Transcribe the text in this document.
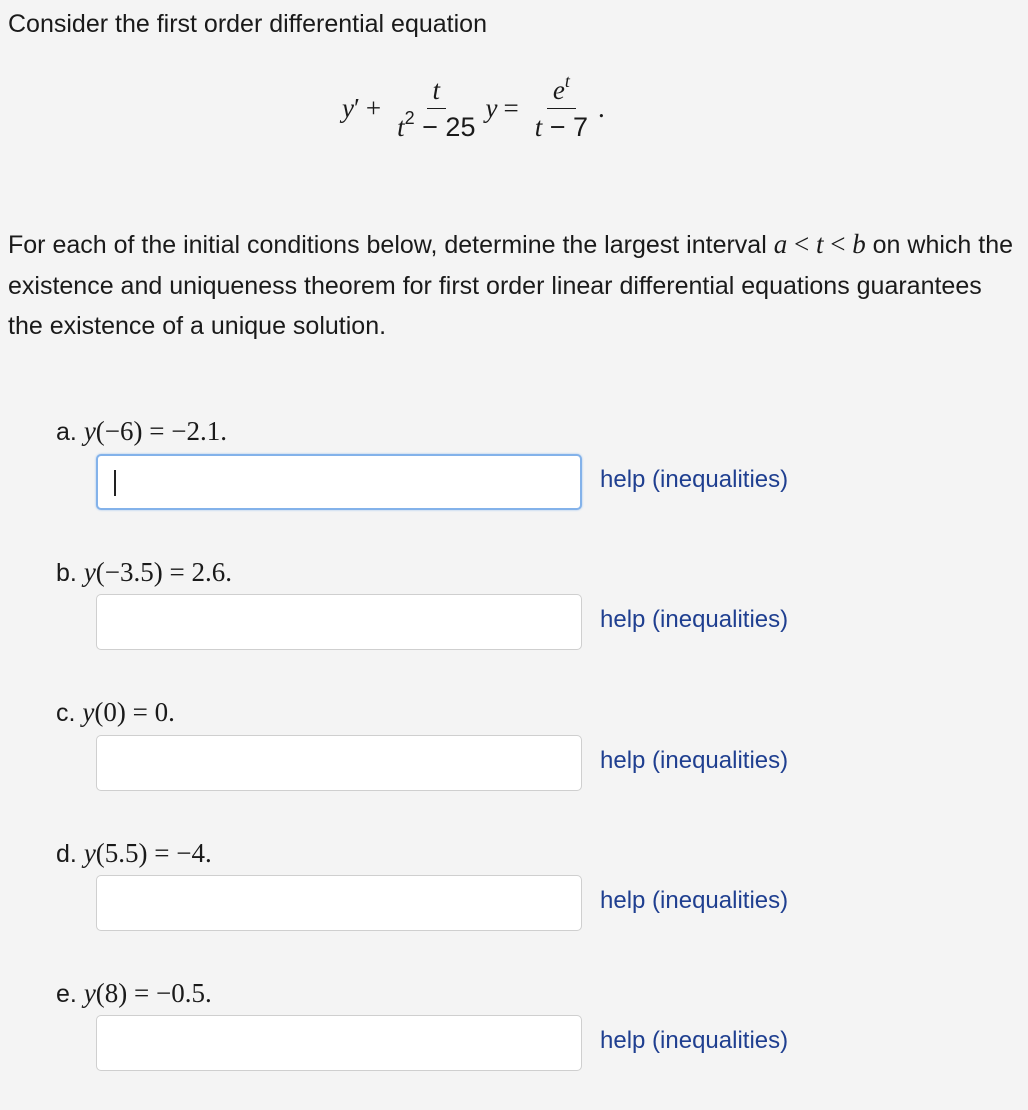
Consider the first order differential equation

y ′ + $\frac{t}{t^2 - 25}$ $y = \frac{e^t}{t - 7}$ .

For each of the initial conditions below, determine the largest interval a < t < b on which the existence and uniqueness theorem for first order linear differential equations guarantees the existence of a unique solution.

a. y(−6) = −2.1.
help (inequalities)
b. y(−3.5) = 2.6.
help (inequalities)
c. y(0) = 0.
help (inequalities)
d. y(5.5) = −4.
help (inequalities)
e. y(8) = −0.5.
help (inequalities)
